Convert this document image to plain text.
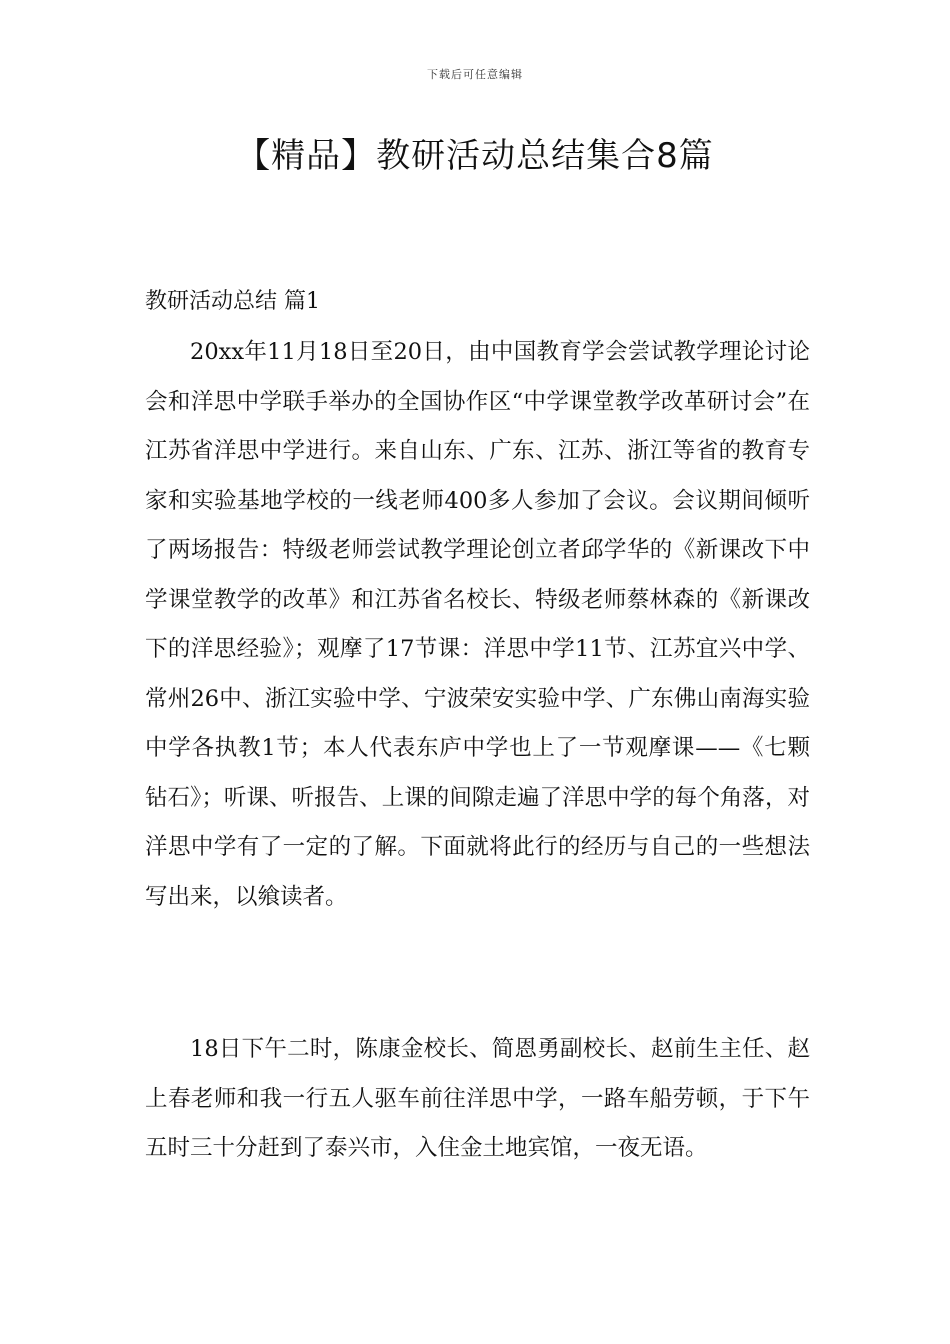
下载后可任意编辑
【精品】教研活动总结集合8篇
教研活动总结 篇1

20xx年11月18日至20日，由中国教育学会尝试教学理论讨论会和洋思中学联手举办的全国协作区“中学课堂教学改革研讨会”在江苏省洋思中学进行。来自山东、广东、江苏、浙江等省的教育专家和实验基地学校的一线老师400多人参加了会议。会议期间倾听了两场报告：特级老师尝试教学理论创立者邱学华的《新课改下中学课堂教学的改革》和江苏省名校长、特级老师蔡林森的《新课改下的洋思经验》；观摩了17节课：洋思中学11节、江苏宜兴中学、常州26中、浙江实验中学、宁波荣安实验中学、广东佛山南海实验中学各执教1节；本人代表东庐中学也上了一节观摩课——《七颗钻石》；听课、听报告、上课的间隙走遍了洋思中学的每个角落，对洋思中学有了一定的了解。下面就将此行的经历与自己的一些想法写出来，以飨读者。

18日下午二时，陈康金校长、简恩勇副校长、赵前生主任、赵上春老师和我一行五人驱车前往洋思中学，一路车船劳顿，于下午五时三十分赶到了泰兴市，入住金土地宾馆，一夜无语。
